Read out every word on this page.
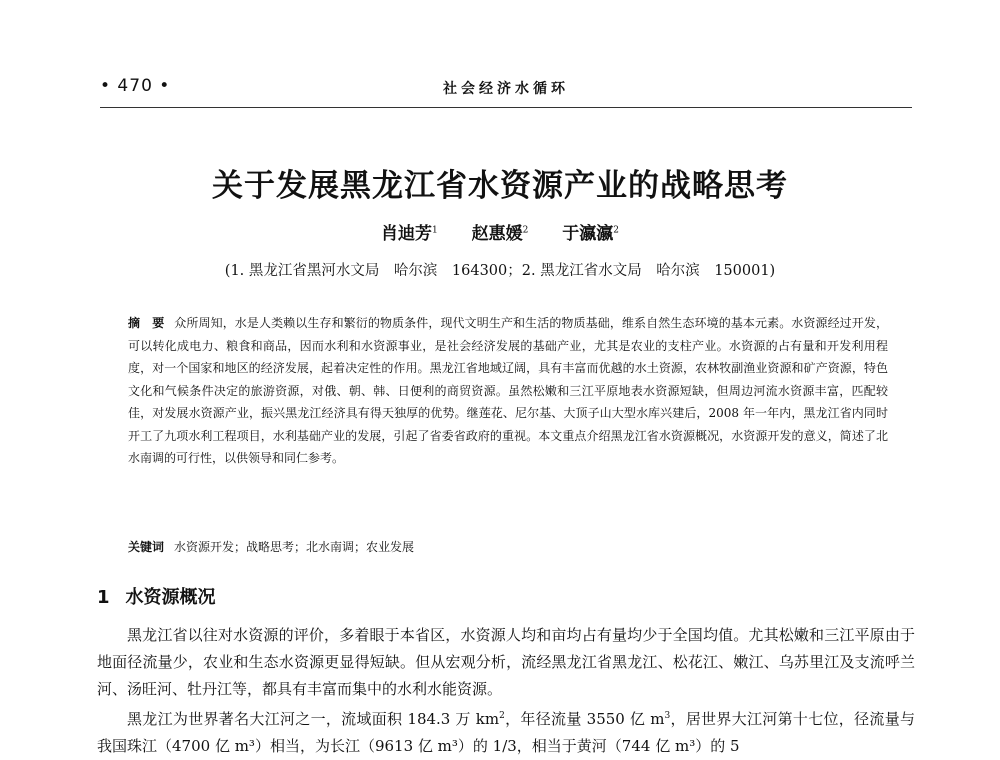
• 470 •	社会经济水循环
关于发展黑龙江省水资源产业的战略思考
肖迪芳$^1$ 赵惠媛$^2$ 于瀛瀛$^2$
(1. 黑龙江省黑河水文局　哈尔滨　164300；2. 黑龙江省水文局　哈尔滨　150001)
摘　要 众所周知，水是人类赖以生存和繁衍的物质条件，现代文明生产和生活的物质基础，维系自然生态环境的基本元素。水资源经过开发，可以转化成电力、粮食和商品，因而水利和水资源事业，是社会经济发展的基础产业，尤其是农业的支柱产业。水资源的占有量和开发利用程度，对一个国家和地区的经济发展，起着决定性的作用。黑龙江省地域辽阔，具有丰富而优越的水土资源，农林牧副渔业资源和矿产资源，特色文化和气候条件决定的旅游资源，对俄、朝、韩、日便利的商贸资源。虽然松嫩和三江平原地表水资源短缺，但周边河流水资源丰富，匹配较佳，对发展水资源产业，振兴黑龙江经济具有得天独厚的优势。继莲花、尼尔基、大顶子山大型水库兴建后，2008 年一年内，黑龙江省内同时开工了九项水利工程项目，水利基础产业的发展，引起了省委省政府的重视。本文重点介绍黑龙江省水资源概况，水资源开发的意义，简述了北水南调的可行性，以供领导和同仁参考。
关键词 水资源开发；战略思考；北水南调；农业发展
1 水资源概况

黑龙江省以往对水资源的评价，多着眼于本省区，水资源人均和亩均占有量均少于全国均值。尤其松嫩和三江平原由于地面径流量少，农业和生态水资源更显得短缺。但从宏观分析，流经黑龙江省黑龙江、松花江、嫩江、乌苏里江及支流呼兰河、汤旺河、牡丹江等，都具有丰富而集中的水利水能资源。

黑龙江为世界著名大江河之一，流域面积 184.3 万 $km^2$，年径流量 3550 亿 $m^3$，居世界大江河第十七位，径流量与我国珠江（4700 亿 m³）相当，为长江（9613 亿 m³）的 1/3，相当于黄河（744 亿 m³）的 5
